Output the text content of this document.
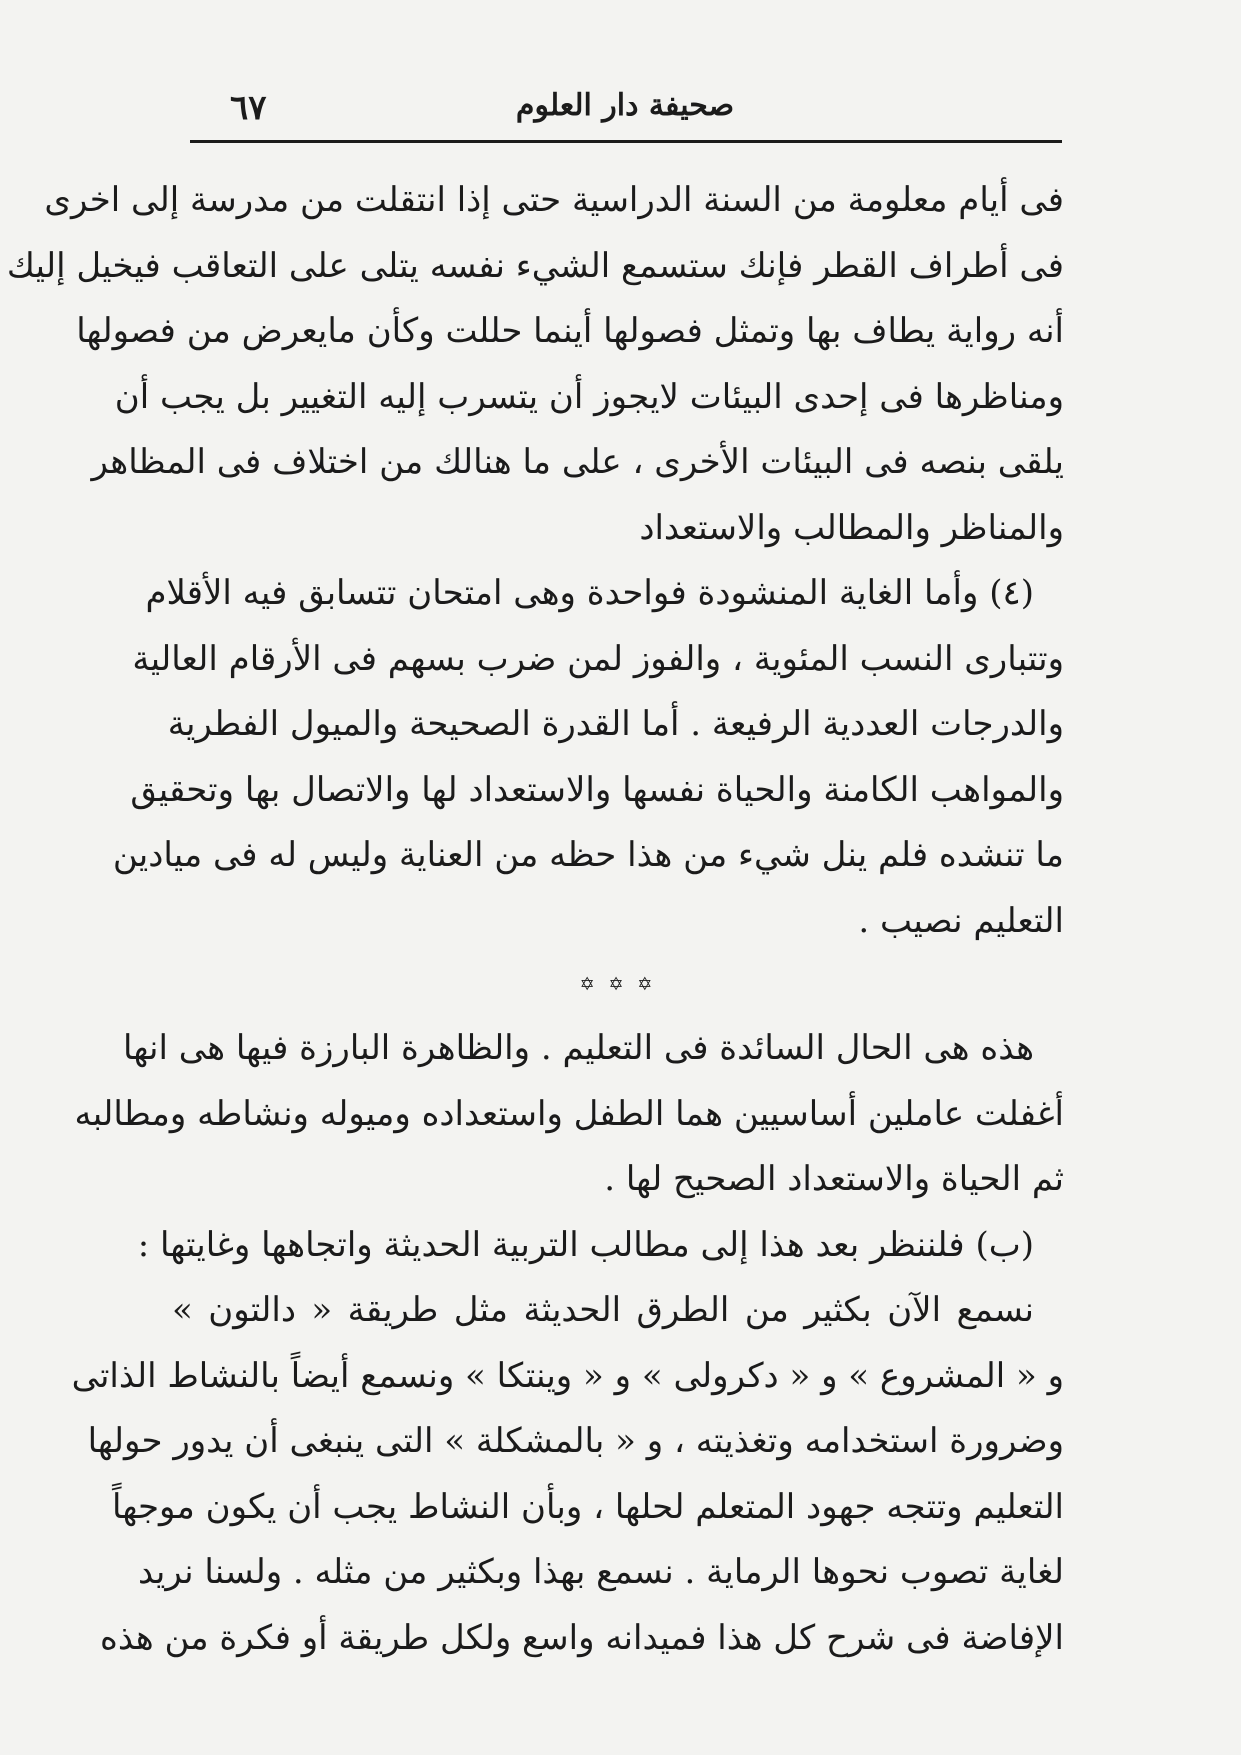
٦٧	صحيفة دار العلوم
فى أيام معلومة من السنة الدراسية حتى إذا انتقلت من مدرسة إلى اخرى
فى أطراف القطر فإنك ستسمع الشيء نفسه يتلى على التعاقب فيخيل إليك
أنه رواية يطاف بها وتمثل فصولها أينما حللت وكأن مايعرض من فصولها
ومناظرها فى إحدى البيئات لايجوز أن يتسرب إليه التغيير بل يجب أن
يلقى بنصه فى البيئات الأخرى ، على ما هنالك من اختلاف فى المظاهر
والمناظر والمطالب والاستعداد
(٤) وأما الغاية المنشودة فواحدة وهى امتحان تتسابق فيه الأقلام
وتتبارى النسب المئوية ، والفوز لمن ضرب بسهم فى الأرقام العالية
والدرجات العددية الرفيعة . أما القدرة الصحيحة والميول الفطرية
والمواهب الكامنة والحياة نفسها والاستعداد لها والاتصال بها وتحقيق
ما تنشده فلم ينل شيء من هذا حظه من العناية وليس له فى ميادين
التعليم نصيب .
✡ ✡ ✡
هذه هى الحال السائدة فى التعليم . والظاهرة البارزة فيها هى انها
أغفلت عاملين أساسيين هما الطفل واستعداده وميوله ونشاطه ومطالبه
ثم الحياة والاستعداد الصحيح لها .
(ب) فلننظر بعد هذا إلى مطالب التربية الحديثة واتجاهها وغايتها :
نسمع الآن بكثير من الطرق الحديثة مثل طريقة « دالتون »
و « المشروع » و « دكرولى » و « وينتكا » ونسمع أيضاً بالنشاط الذاتى
وضرورة استخدامه وتغذيته ، و « بالمشكلة » التى ينبغى أن يدور حولها
التعليم وتتجه جهود المتعلم لحلها ، وبأن النشاط يجب أن يكون موجهاً
لغاية تصوب نحوها الرماية . نسمع بهذا وبكثير من مثله . ولسنا نريد
الإفاضة فى شرح كل هذا فميدانه واسع ولكل طريقة أو فكرة من هذه
